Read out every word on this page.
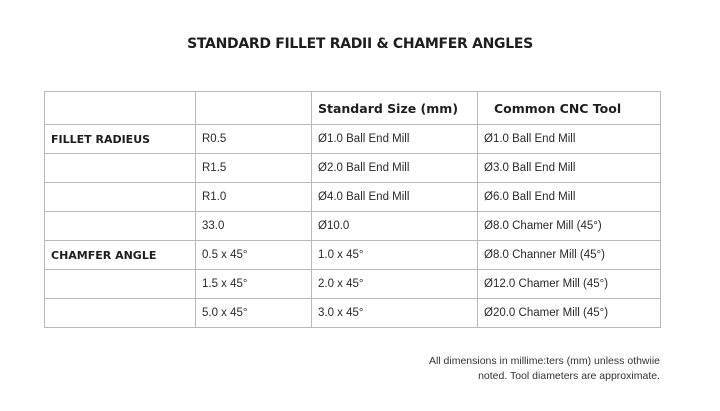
STANDARD FILLET RADII & CHAMFER ANGLES
		Standard Size (mm)	Common CNC Tool
FILLET RADIEUS	R0.5	Ø1.0 Ball End Mill	Ø1.0 Ball End Mill
	R1.5	Ø2.0 Ball End Mill	Ø3.0 Ball End Mill
	R1.0	Ø4.0 Ball End Mill	Ø6.0 Ball End Mill
	33.0	Ø10.0	Ø8.0 Chamer Mill (45°)
CHAMFER ANGLE	0.5 x 45°	1.0 x 45°	Ø8.0 Channer Mill (45°)
	1.5 x 45°	2.0 x 45°	Ø12.0 Chamer Mill (45°)
	5.0 x 45°	3.0 x 45°	Ø20.0 Chamer Mill (45°)
All dimensions in millime:ters (mm) unless othwiie
noted. Tool diameters are approximate.
